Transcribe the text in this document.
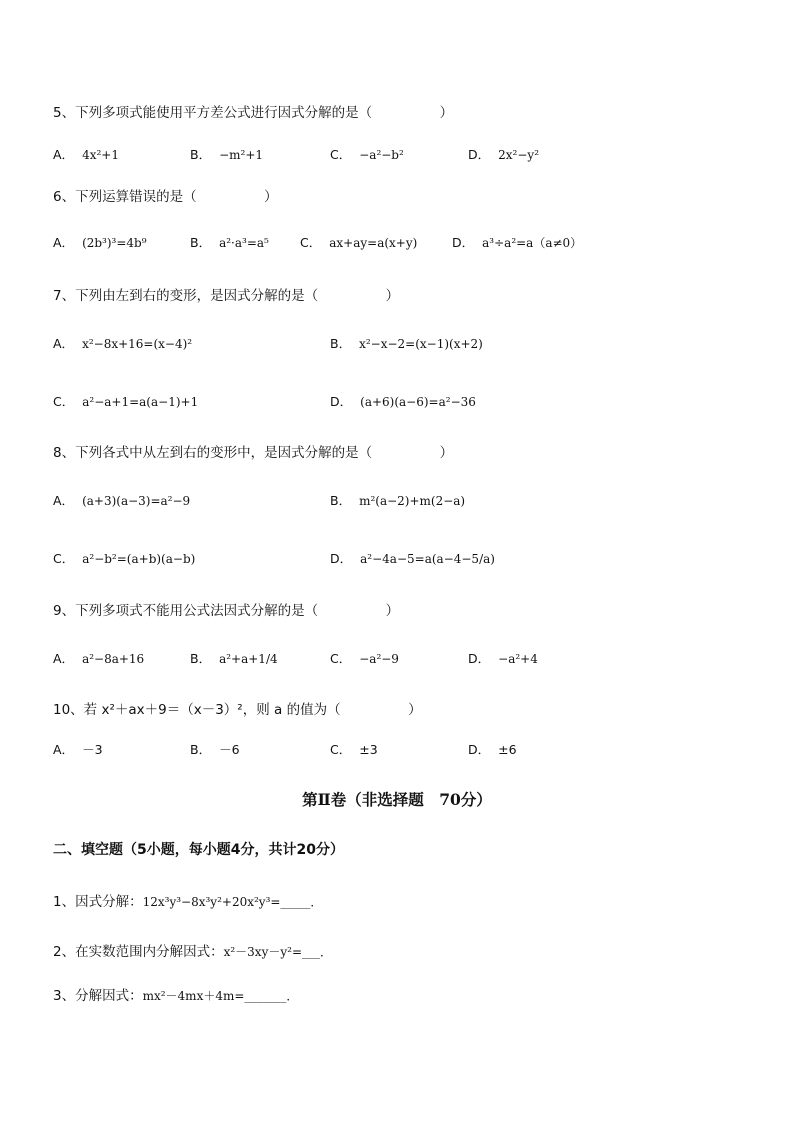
5、下列多项式能使用平方差公式进行因式分解的是（　　　　　）
A． 4x²+1	B． −m²+1	C． −a²−b²	D． 2x²−y²
6、下列运算错误的是（　　　　　）
A． (2b³)³=4b⁹	B． a²·a³=a⁵ C． ax+ay=a(x+y)	D． a³÷a²=a（a≠0）
7、下列由左到右的变形，是因式分解的是（　　　　　）
A． x²−8x+16=(x−4)²	B． x²−x−2=(x−1)(x+2)
C． a²−a+1=a(a−1)+1	D． (a+6)(a−6)=a²−36
8、下列各式中从左到右的变形中，是因式分解的是（　　　　　）
A． (a+3)(a−3)=a²−9	B． m²(a−2)+m(2−a)
C． a²−b²=(a+b)(a−b)	D． a²−4a−5=a(a−4−5/a)
9、下列多项式不能用公式法因式分解的是（　　　　　）
A． a²−8a+16	B． a²+a+1/4	C． −a²−9	D． −a²+4
10、若 x²＋ax＋9＝（x－3）²，则 a 的值为（　　　　　）
A． －3	B． －6	C． ±3	D． ±6
第Ⅱ卷（非选择题　70分）
二、填空题（5小题，每小题4分，共计20分）
1、因式分解：12x³y³−8x³y²+20x²y³=_____．
2、在实数范围内分解因式：x²－3xy－y²=___．
3、分解因式：mx²－4mx＋4m=_______．
